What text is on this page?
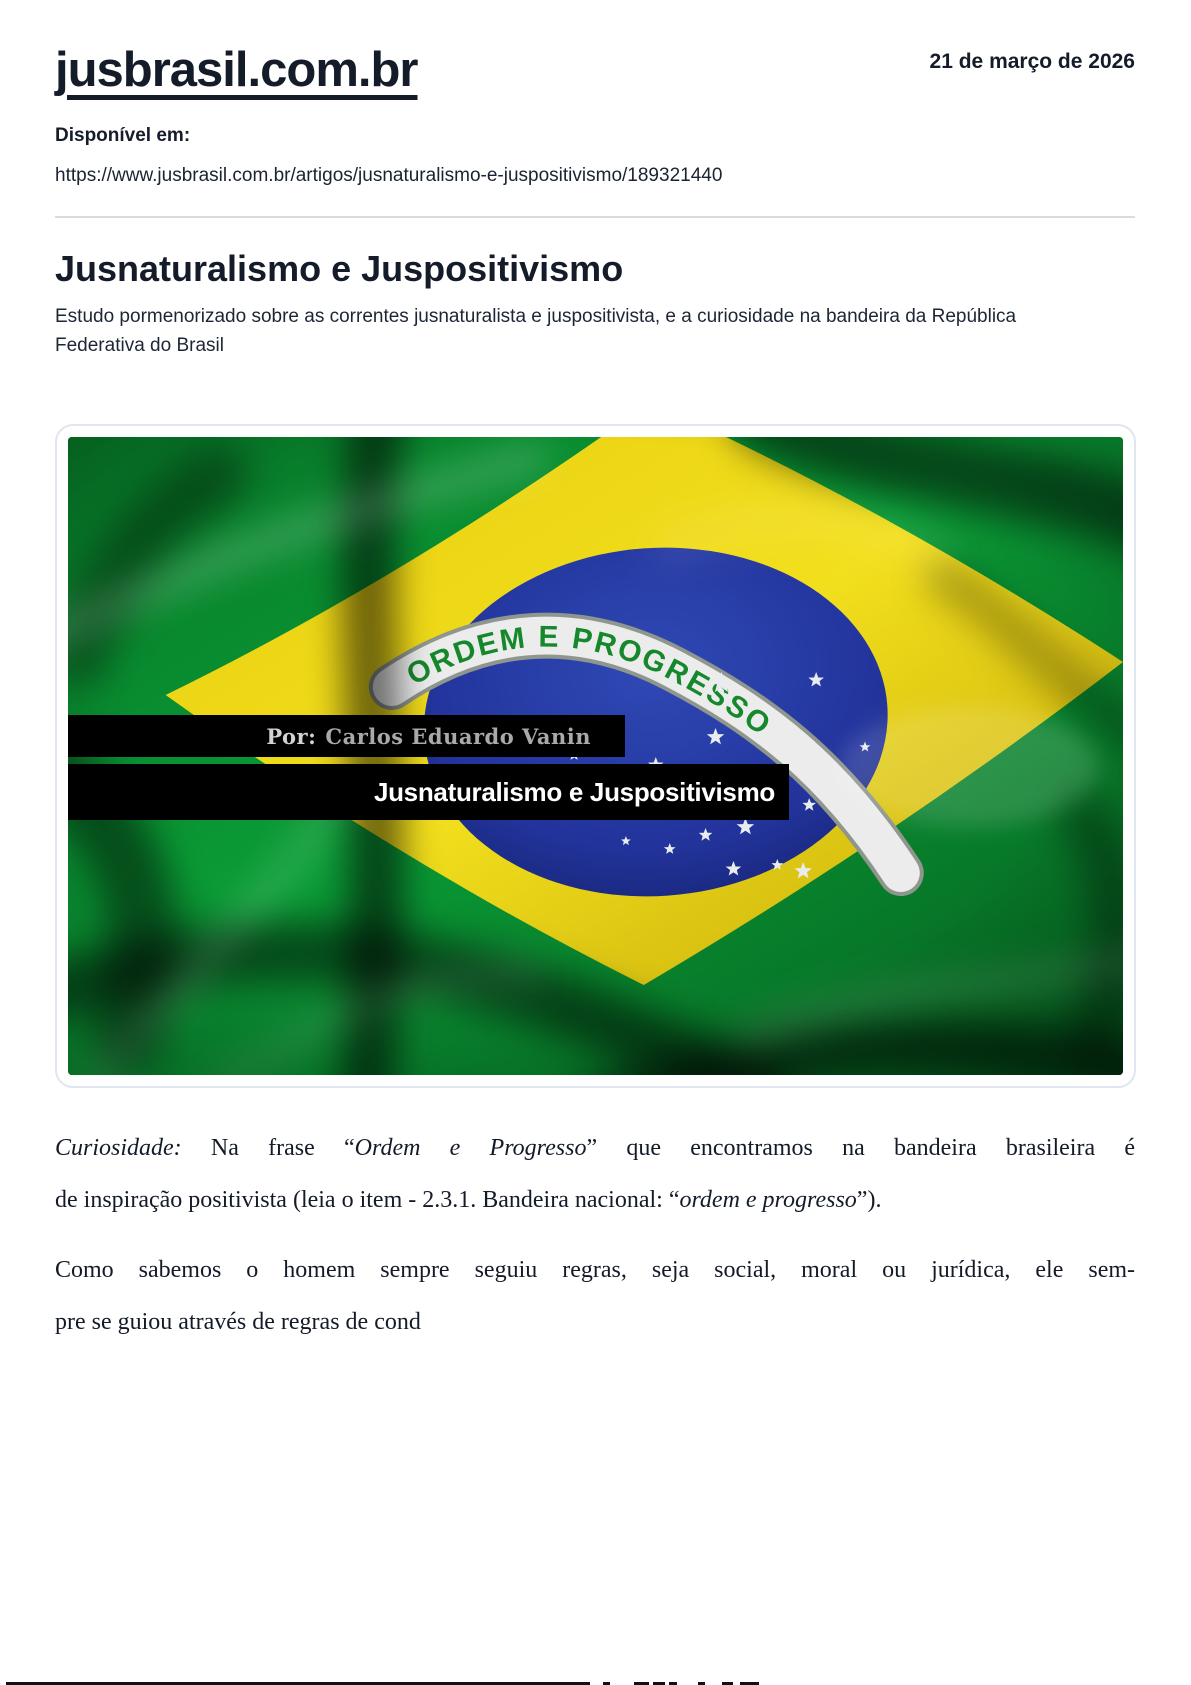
jusbrasil.com.br	21 de março de 2026
Disponível em:
https://www.jusbrasil.com.br/artigos/jusnaturalismo-e-juspositivismo/189321440
Jusnaturalismo e Juspositivismo
Estudo pormenorizado sobre as correntes jusnaturalista e juspositivista, e a curiosidade na bandeira da República Federativa do Brasil
Por: Carlos Eduardo Vanin
Jusnaturalismo e Juspositivismo
Curiosidade: Na frase “Ordem e Progresso” que encontramos na bandeira brasileira é
de inspiração positivista (leia o item - 2.3.1. Bandeira nacional: “ordem e progresso”).
Como sabemos o homem sempre seguiu regras, seja social, moral ou jurídica, ele sem-
pre se guiou através de regras de cond
